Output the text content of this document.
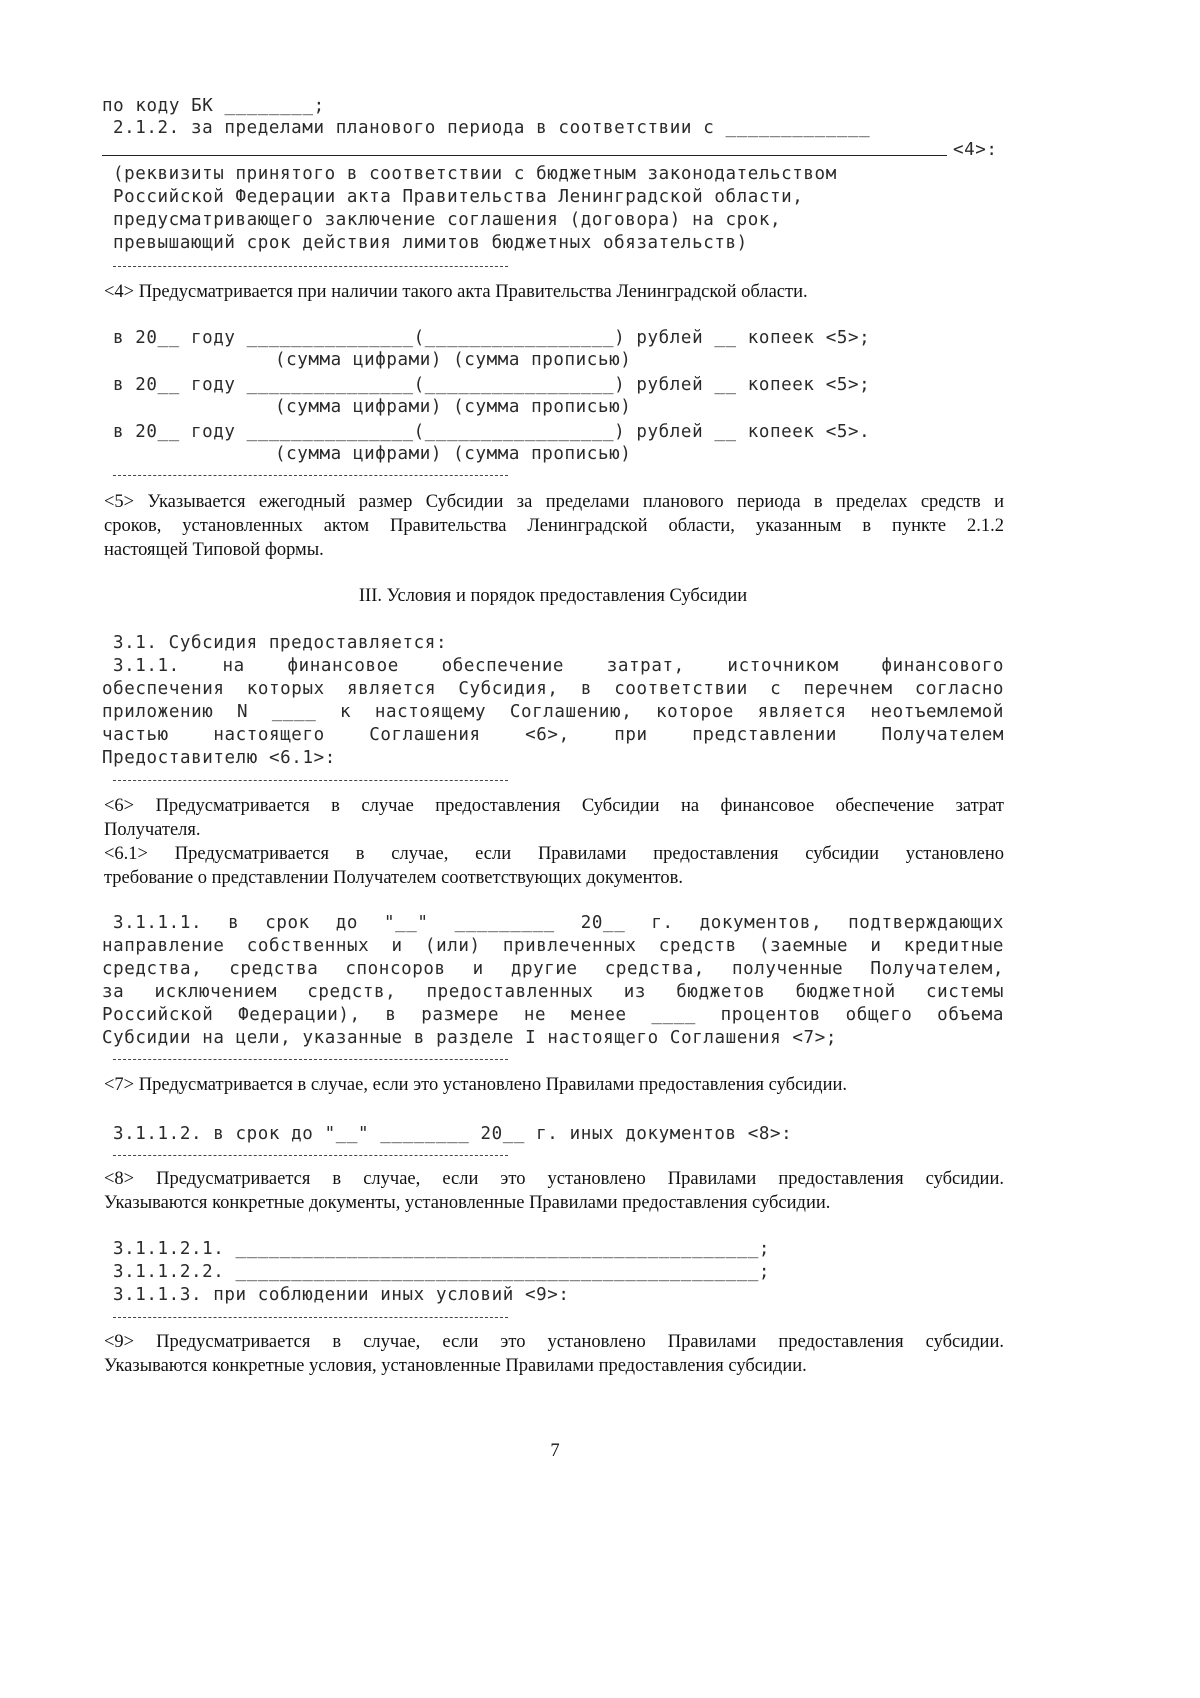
по коду БК ________;
2.1.2. за пределами планового периода в соответствии с _____________
<4>:
(реквизиты принятого в соответствии с бюджетным законодательством
Российской Федерации акта Правительства Ленинградской области,
предусматривающего заключение соглашения (договора) на срок,
превышающий срок действия лимитов бюджетных обязательств)
<4> Предусматривается при наличии такого акта Правительства Ленинградской области.
в 20__ году _______________(_________________) рублей __ копеек <5>;
(сумма цифрами) (сумма прописью)
в 20__ году _______________(_________________) рублей __ копеек <5>;
(сумма цифрами) (сумма прописью)
в 20__ году _______________(_________________) рублей __ копеек <5>.
(сумма цифрами) (сумма прописью)
<5> Указывается ежегодный размер Субсидии за пределами планового периода в пределах средств и
сроков, установленных актом Правительства Ленинградской области, указанным в пункте 2.1.2
настоящей Типовой формы.
III. Условия и порядок предоставления Субсидии
3.1. Субсидия предоставляется:
3.1.1. на финансовое обеспечение затрат, источником финансового
обеспечения которых является Субсидия, в соответствии с перечнем согласно
приложению N ____ к настоящему Соглашению, которое является неотъемлемой
частью настоящего Соглашения <6>, при представлении Получателем
Предоставителю <6.1>:
<6> Предусматривается в случае предоставления Субсидии на финансовое обеспечение затрат
Получателя.
<6.1> Предусматривается в случае, если Правилами предоставления субсидии установлено
требование о представлении Получателем соответствующих документов.
3.1.1.1. в срок до "__" _________ 20__ г. документов, подтверждающих
направление собственных и (или) привлеченных средств (заемные и кредитные
средства, средства спонсоров и другие средства, полученные Получателем,
за исключением средств, предоставленных из бюджетов бюджетной системы
Российской Федерации), в размере не менее ____ процентов общего объема
Субсидии на цели, указанные в разделе I настоящего Соглашения <7>;
<7> Предусматривается в случае, если это установлено Правилами предоставления субсидии.
3.1.1.2. в срок до "__" ________ 20__ г. иных документов <8>:
<8> Предусматривается в случае, если это установлено Правилами предоставления субсидии.
Указываются конкретные документы, установленные Правилами предоставления субсидии.
3.1.1.2.1. _______________________________________________;
3.1.1.2.2. _______________________________________________;
3.1.1.3. при соблюдении иных условий <9>:
<9> Предусматривается в случае, если это установлено Правилами предоставления субсидии.
Указываются конкретные условия, установленные Правилами предоставления субсидии.
7
